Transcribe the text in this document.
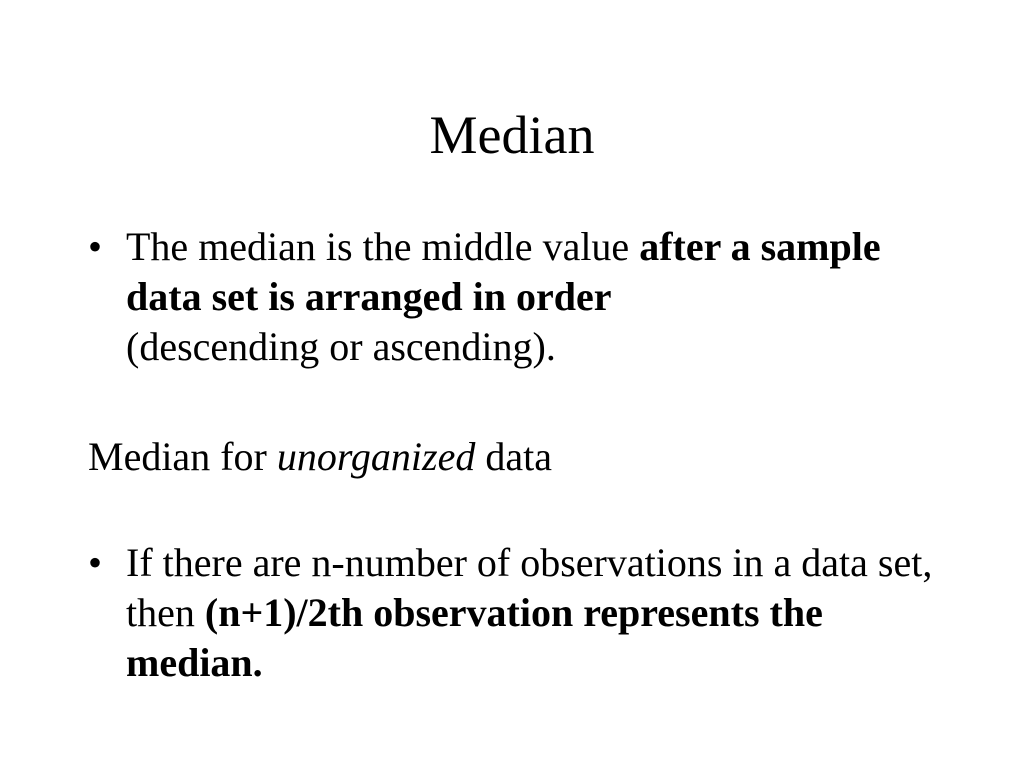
Median
• The median is the middle value after a sample data set is arranged in order
(descending or ascending).
Median for unorganized data
• If there are n-number of observations in a data set, then (n+1)/2th observation represents the median.
